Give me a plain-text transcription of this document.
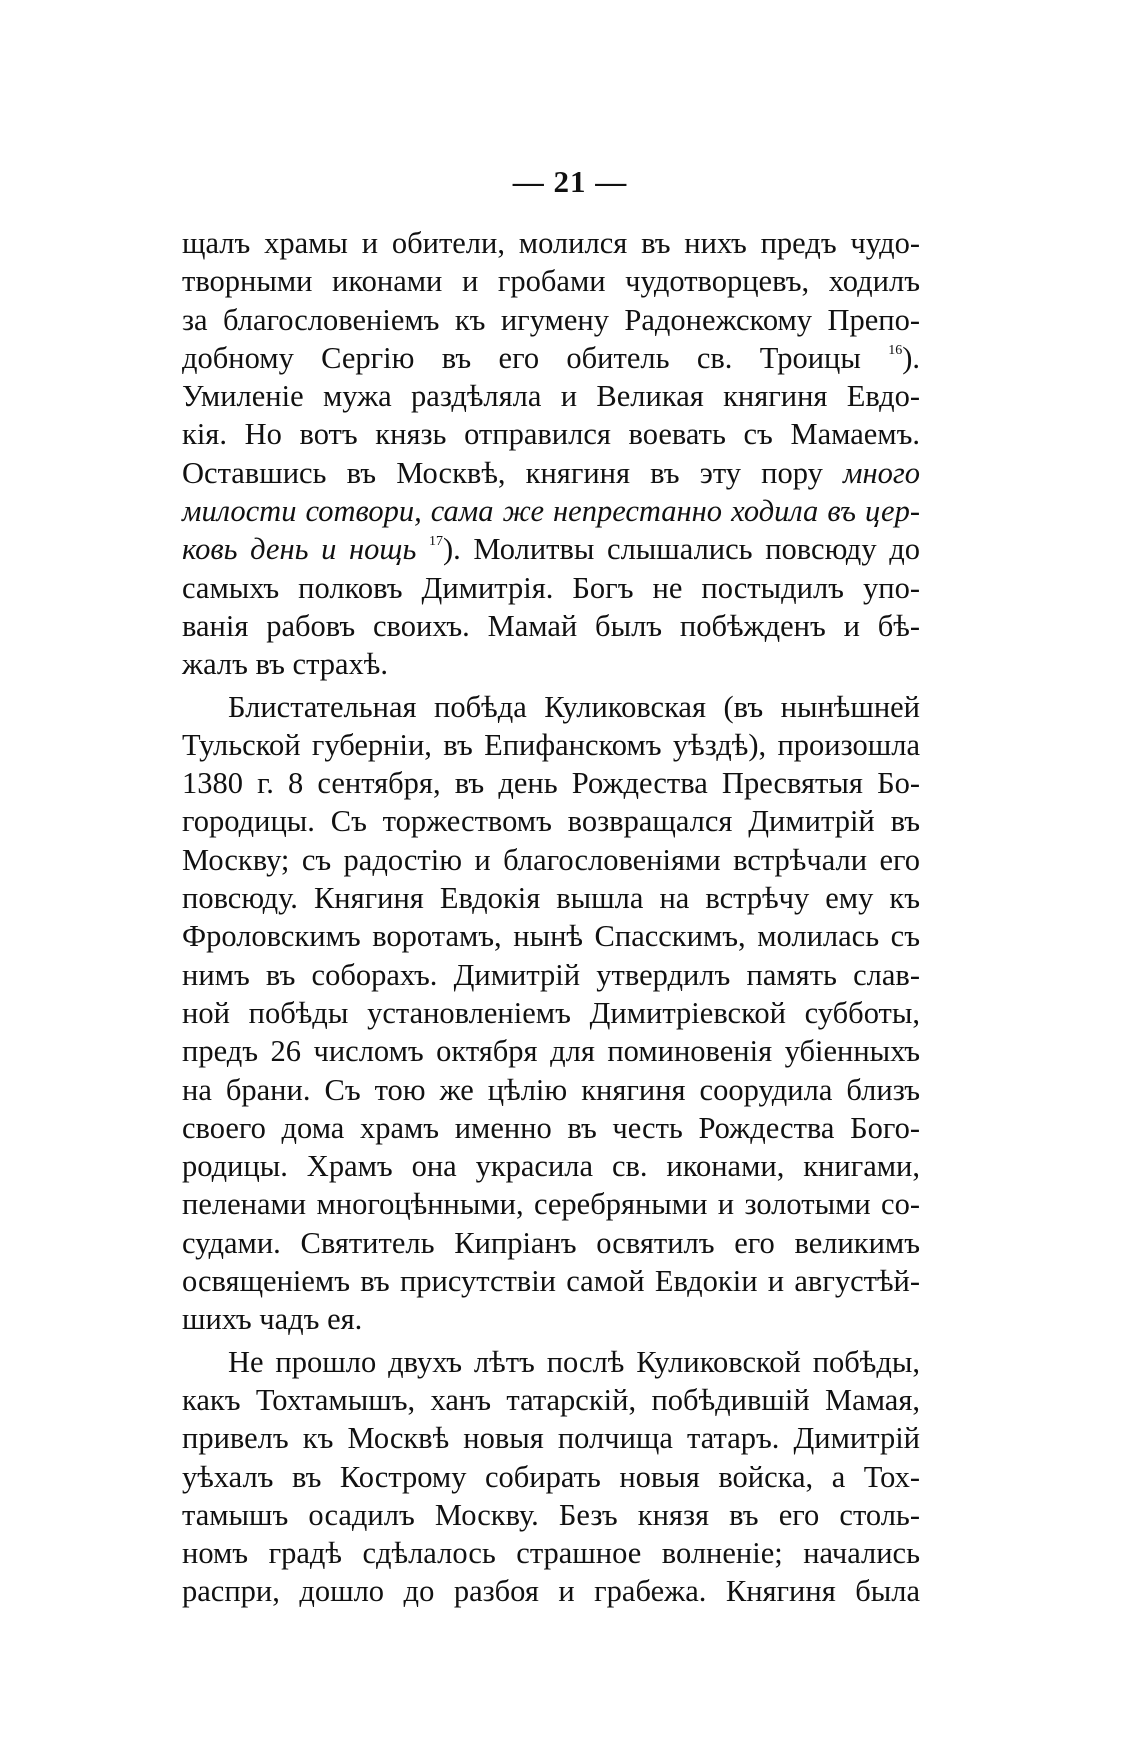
— 21 —
щалъ храмы и обители, молился въ нихъ предъ чудо-
творными иконами и гробами чудотворцевъ, ходилъ
за благословеніемъ къ игумену Радонежскому Препо-
добному Сергію въ его обитель св. Троицы $^{16}$).
Умиленіе мужа раздѣляла и Великая княгиня Евдо-
кія. Но вотъ князь отправился воевать съ Мамаемъ.
Оставшись въ Москвѣ, княгиня въ эту пору много
милости сотвори, сама же непрестанно ходила въ цер-
ковь день и нощь $^{17}$). Молитвы слышались повсюду до
самыхъ полковъ Димитрія. Богъ не постыдилъ упо-
ванія рабовъ своихъ. Мамай былъ побѣжденъ и бѣ-
жалъ въ страхѣ.
Блистательная побѣда Куликовская (въ нынѣшней
Тульской губерніи, въ Епифанскомъ уѣздѣ), произошла
1380 г. 8 сентября, въ день Рождества Пресвятыя Бо-
городицы. Съ торжествомъ возвращался Димитрій въ
Москву; съ радостію и благословеніями встрѣчали его
повсюду. Княгиня Евдокія вышла на встрѣчу ему къ
Фроловскимъ воротамъ, нынѣ Спасскимъ, молилась съ
нимъ въ соборахъ. Димитрій утвердилъ память слав-
ной побѣды установленіемъ Димитріевской субботы,
предъ 26 числомъ октября для поминовенія убіенныхъ
на брани. Съ тою же цѣлію княгиня соорудила близъ
своего дома храмъ именно въ честь Рождества Бого-
родицы. Храмъ она украсила св. иконами, книгами,
пеленами многоцѣнными, серебряными и золотыми со-
судами. Святитель Кипріанъ освятилъ его великимъ
освященіемъ въ присутствіи самой Евдокіи и августѣй-
шихъ чадъ ея.
Не прошло двухъ лѣтъ послѣ Куликовской побѣды,
какъ Тохтамышъ, ханъ татарскій, побѣдившій Мамая,
привелъ къ Москвѣ новыя полчища татаръ. Димитрій
уѣхалъ въ Кострому собирать новыя войска, а Тох-
тамышъ осадилъ Москву. Безъ князя въ его столь-
номъ градѣ сдѣлалось страшное волненіе; начались
распри, дошло до разбоя и грабежа. Княгиня была
